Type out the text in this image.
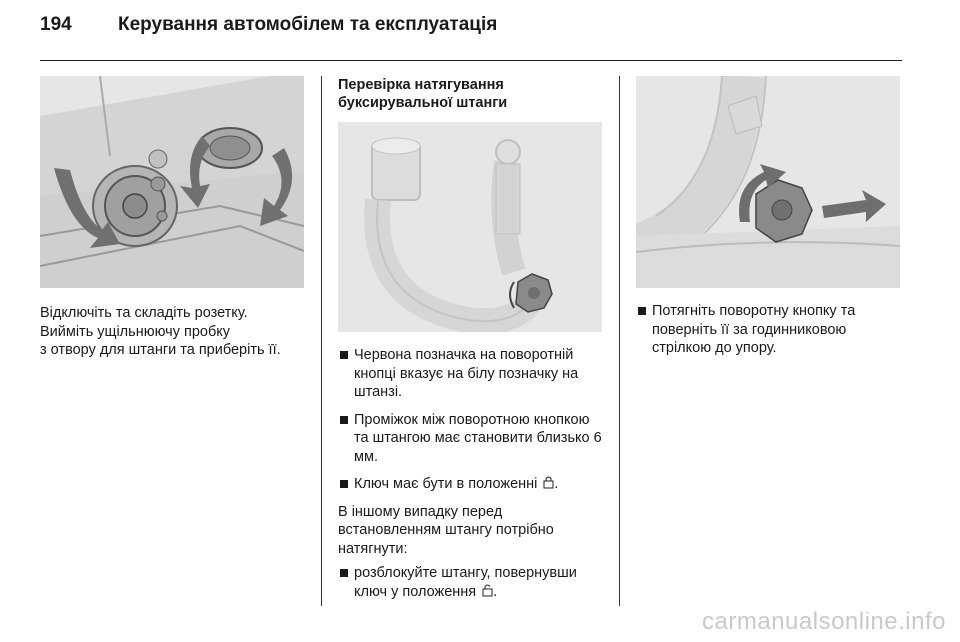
194	Керування автомобілем та експлуатація

Відключіть та складіть розетку.

Вийміть ущільнюючу пробку

з отвору для штанги та приберіть її.

Перевірка натягування

буксирувальної штанги

Червона позначка на поворотній кнопці вказує на білу позначку на штанзі.
Проміжок між поворотною кнопкою та штангою має становити близько 6 мм.
Ключ має бути в положенні .

В іншому випадку перед

встановленням штангу потрібно

натягнути:

розблокуйте штангу, повернувши ключ у положення .
Потягніть поворотну кнопку та поверніть її за годинниковою стрілкою до упору.
carmanualsonline.info
